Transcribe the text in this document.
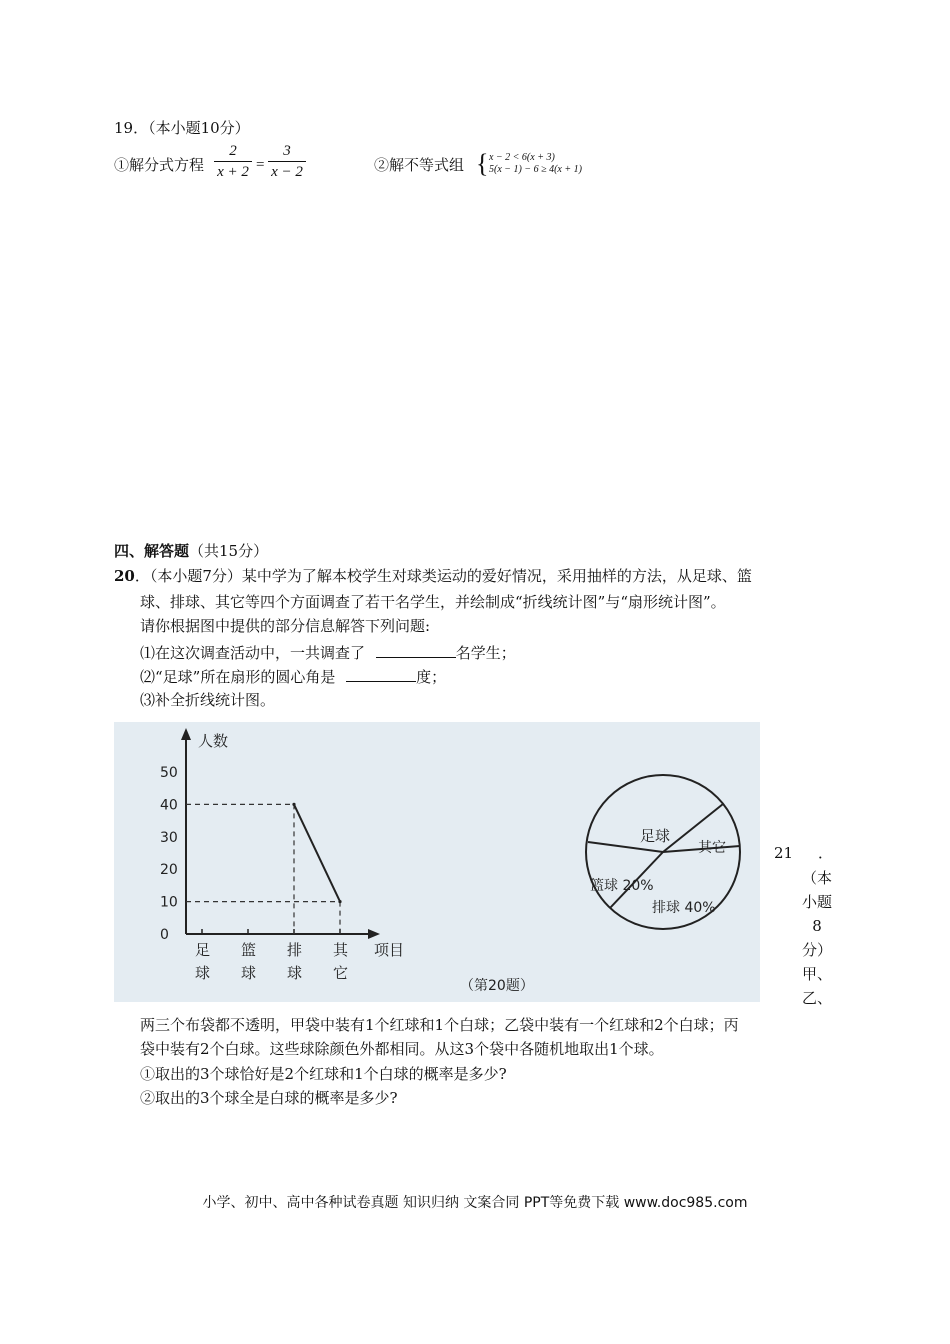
19．（本小题10分）
①解分式方程
2
x + 2 =
3
x − 2	②解不等式组 { x − 2 < 6(x + 3)
5(x − 1) − 6 ≥ 4(x + 1)
四、解答题（共15分）
20．（本小题7分）某中学为了解本校学生对球类运动的爱好情况，采用抽样的方法，从足球、篮
球、排球、其它等四个方面调查了若干名学生，并绘制成“折线统计图”与“扇形统计图”。
请你根据图中提供的部分信息解答下列问题:
⑴在这次调查活动中，一共调查了	名学生；
⑵“足球”所在扇形的圆心角是	度；
⑶补全折线统计图。
人数
项目
（第20题）
0
10
20
30
40
50
足
球
篮
球
排
球
其
它
足球
其它
篮球 20%
排球 40%
21 ．
（本
小题
8
分）
甲、
乙、
两三个布袋都不透明，甲袋中装有1个红球和1个白球；乙袋中装有一个红球和2个白球；丙
袋中装有2个白球。这些球除颜色外都相同。从这3个袋中各随机地取出1个球。
①取出的3个球恰好是2个红球和1个白球的概率是多少?
②取出的3个球全是白球的概率是多少?
小学、初中、高中各种试卷真题 知识归纳 文案合同 PPT等免费下载 www.doc985.com
